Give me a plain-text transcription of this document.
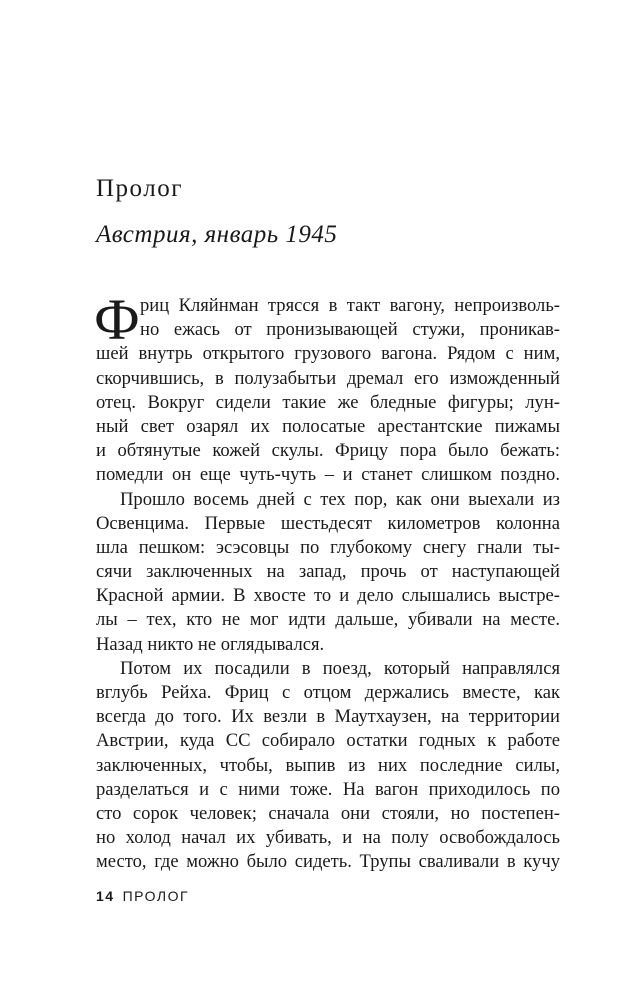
Пролог
Австрия, январь 1945
Ф риц Кляйнман трясся в такт вагону, непроизволь-
но ежась от пронизывающей стужи, проникав-
шей внутрь открытого грузового вагона. Рядом с ним,
скорчившись, в полузабытьи дремал его изможденный
отец. Вокруг сидели такие же бледные фигуры; лун-
ный свет озарял их полосатые арестантские пижамы
и обтянутые кожей скулы. Фрицу пора было бежать:
помедли он еще чуть-чуть – и станет слишком поздно.
Прошло восемь дней с тех пор, как они выехали из
Освенцима. Первые шестьдесят километров колонна
шла пешком: эсэсовцы по глубокому снегу гнали ты-
сячи заключенных на запад, прочь от наступающей
Красной армии. В хвосте то и дело слышались выстре-
лы – тех, кто не мог идти дальше, убивали на месте.
Назад никто не оглядывался.
Потом их посадили в поезд, который направлялся
вглубь Рейха. Фриц с отцом держались вместе, как
всегда до того. Их везли в Маутхаузен, на территории
Австрии, куда СС собирало остатки годных к работе
заключенных, чтобы, выпив из них последние силы,
разделаться и с ними тоже. На вагон приходилось по
сто сорок человек; сначала они стояли, но постепен-
но холод начал их убивать, и на полу освобождалось
место, где можно было сидеть. Трупы сваливали в кучу
14 ПРОЛОГ
